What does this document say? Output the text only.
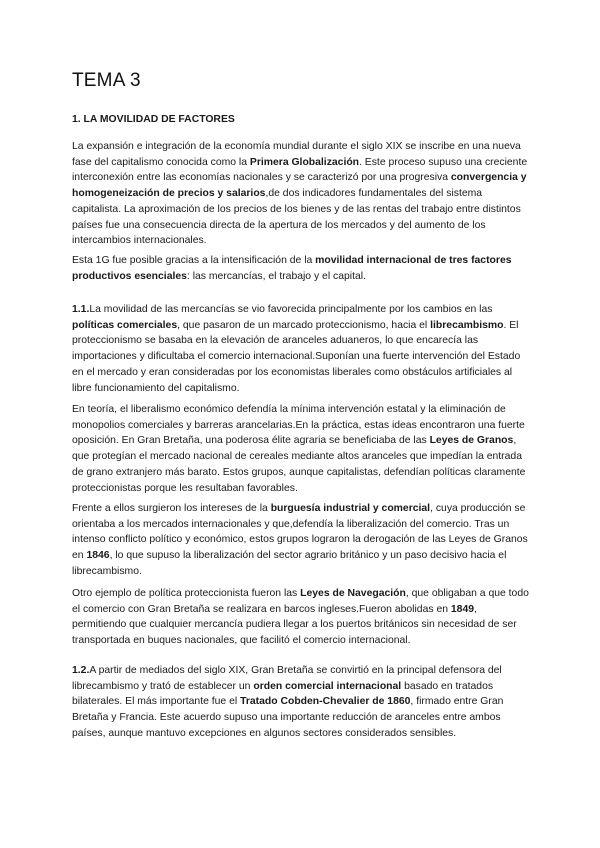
TEMA 3
1. LA MOVILIDAD DE FACTORES
La expansión e integración de la economía mundial durante el siglo XIX se inscribe en una nueva fase del capitalismo conocida como la Primera Globalización. Este proceso supuso una creciente interconexión entre las economías nacionales y se caracterizó por una progresiva convergencia y homogeneización de precios y salarios,de dos indicadores fundamentales del sistema capitalista. La aproximación de los precios de los bienes y de las rentas del trabajo entre distintos países fue una consecuencia directa de la apertura de los mercados y del aumento de los intercambios internacionales.
Esta 1G fue posible gracias a la intensificación de la movilidad internacional de tres factores productivos esenciales: las mercancías, el trabajo y el capital.
1.1.La movilidad de las mercancías se vio favorecida principalmente por los cambios en las políticas comerciales, que pasaron de un marcado proteccionismo, hacia el librecambismo. El proteccionismo se basaba en la elevación de aranceles aduaneros, lo que encarecía las importaciones y dificultaba el comercio internacional.Suponían una fuerte intervención del Estado en el mercado y eran consideradas por los economistas liberales como obstáculos artificiales al libre funcionamiento del capitalismo.
En teoría, el liberalismo económico defendía la mínima intervención estatal y la eliminación de monopolios comerciales y barreras arancelarias.En la práctica, estas ideas encontraron una fuerte oposición. En Gran Bretaña, una poderosa élite agraria se beneficiaba de las Leyes de Granos, que protegían el mercado nacional de cereales mediante altos aranceles que impedían la entrada de grano extranjero más barato. Estos grupos, aunque capitalistas, defendían políticas claramente proteccionistas porque les resultaban favorables.
Frente a ellos surgieron los intereses de la burguesía industrial y comercial, cuya producción se orientaba a los mercados internacionales y que,defendía la liberalización del comercio. Tras un intenso conflicto político y económico, estos grupos lograron la derogación de las Leyes de Granos en 1846, lo que supuso la liberalización del sector agrario británico y un paso decisivo hacia el librecambismo.
Otro ejemplo de política proteccionista fueron las Leyes de Navegación, que obligaban a que todo el comercio con Gran Bretaña se realizara en barcos ingleses.Fueron abolidas en 1849, permitiendo que cualquier mercancía pudiera llegar a los puertos británicos sin necesidad de ser transportada en buques nacionales, que facilitó el comercio internacional.
1.2.A partir de mediados del siglo XIX, Gran Bretaña se convirtió en la principal defensora del librecambismo y trató de establecer un orden comercial internacional basado en tratados bilaterales. El más importante fue el Tratado Cobden-Chevalier de 1860, firmado entre Gran Bretaña y Francia. Este acuerdo supuso una importante reducción de aranceles entre ambos países, aunque mantuvo excepciones en algunos sectores considerados sensibles.
